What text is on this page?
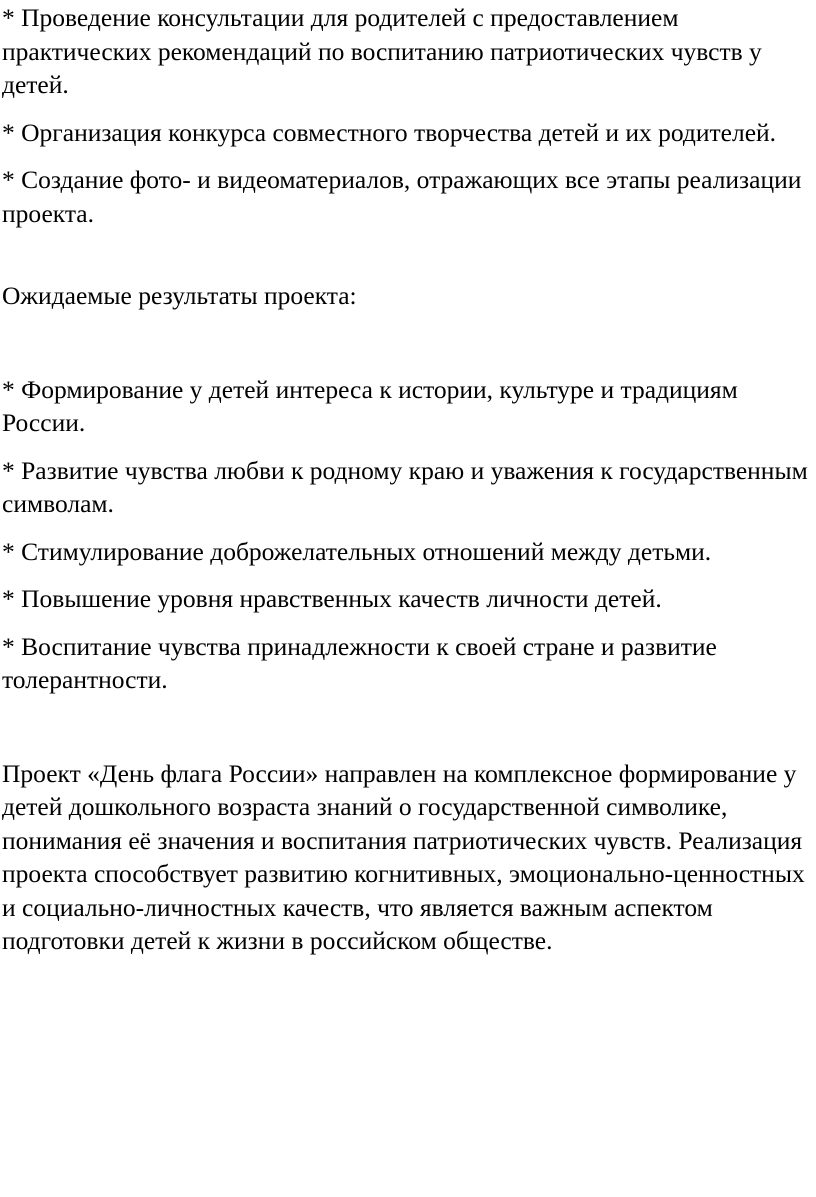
* Проведение консультации для родителей с предоставлением практических рекомендаций по воспитанию патриотических чувств у детей.

* Организация конкурса совместного творчества детей и их родителей.

* Создание фото- и видеоматериалов, отражающих все этапы реализации проекта.

Ожидаемые результаты проекта:

* Формирование у детей интереса к истории, культуре и традициям России.

* Развитие чувства любви к родному краю и уважения к государственным символам.

* Стимулирование доброжелательных отношений между детьми.

* Повышение уровня нравственных качеств личности детей.

* Воспитание чувства принадлежности к своей стране и развитие толерантности.

Проект «День флага России» направлен на комплексное формирование у детей дошкольного возраста знаний о государственной символике, понимания её значения и воспитания патриотических чувств. Реализация проекта способствует развитию когнитивных, эмоционально-ценностных и социально-личностных качеств, что является важным аспектом подготовки детей к жизни в российском обществе.
